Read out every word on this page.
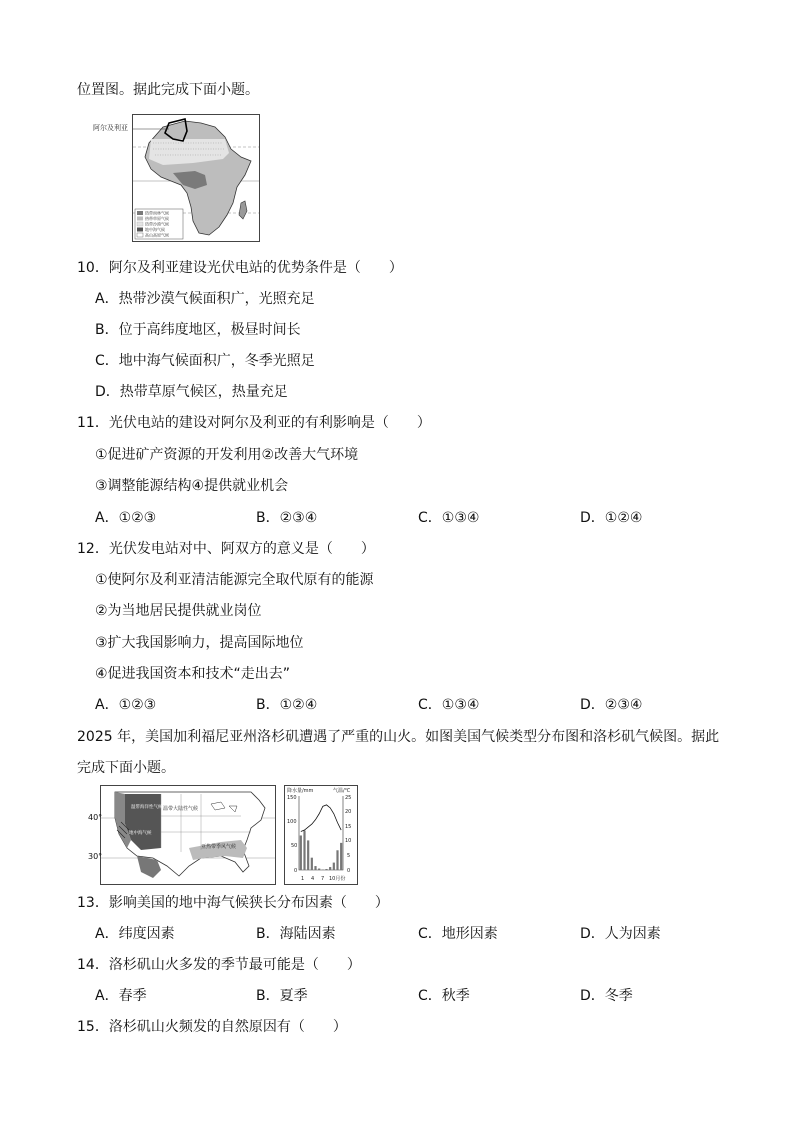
位置图。据此完成下面小题。
热带雨林气候
热带草原气候
热带沙漠气候
地中海气候
高山高原气候
阿尔及利亚
10．阿尔及利亚建设光伏电站的优势条件是（　　）
A．热带沙漠气候面积广，光照充足
B．位于高纬度地区，极昼时间长
C．地中海气候面积广，冬季光照足
D．热带草原气候区，热量充足
11．光伏电站的建设对阿尔及利亚的有利影响是（　　）
①促进矿产资源的开发利用②改善大气环境
③调整能源结构④提供就业机会
A．①②③	B．②③④	C．①③④	D．①②④
12．光伏发电站对中、阿双方的意义是（　　）
①使阿尔及利亚清洁能源完全取代原有的能源
②为当地居民提供就业岗位
③扩大我国影响力，提高国际地位
④促进我国资本和技术“走出去”
A．①②③	B．①②④	C．①③④	D．②③④
2025 年，美国加利福尼亚州洛杉矶遭遇了严重的山火。如图美国气候类型分布图和洛杉矶气候图。据此
完成下面小题。
温带大陆性气候
亚热带季风气候
温带海洋性气候
地中海气候
40°
30°
降水量/mm	气温/℃
150
100
50
0
25
20
15
10
5
0
1 4 7 10月份
13．影响美国的地中海气候狭长分布因素（　　）
A．纬度因素	B．海陆因素	C．地形因素	D．人为因素
14．洛杉矶山火多发的季节最可能是（　　）
A．春季	B．夏季	C．秋季	D．冬季
15．洛杉矶山火频发的自然原因有（　　）
